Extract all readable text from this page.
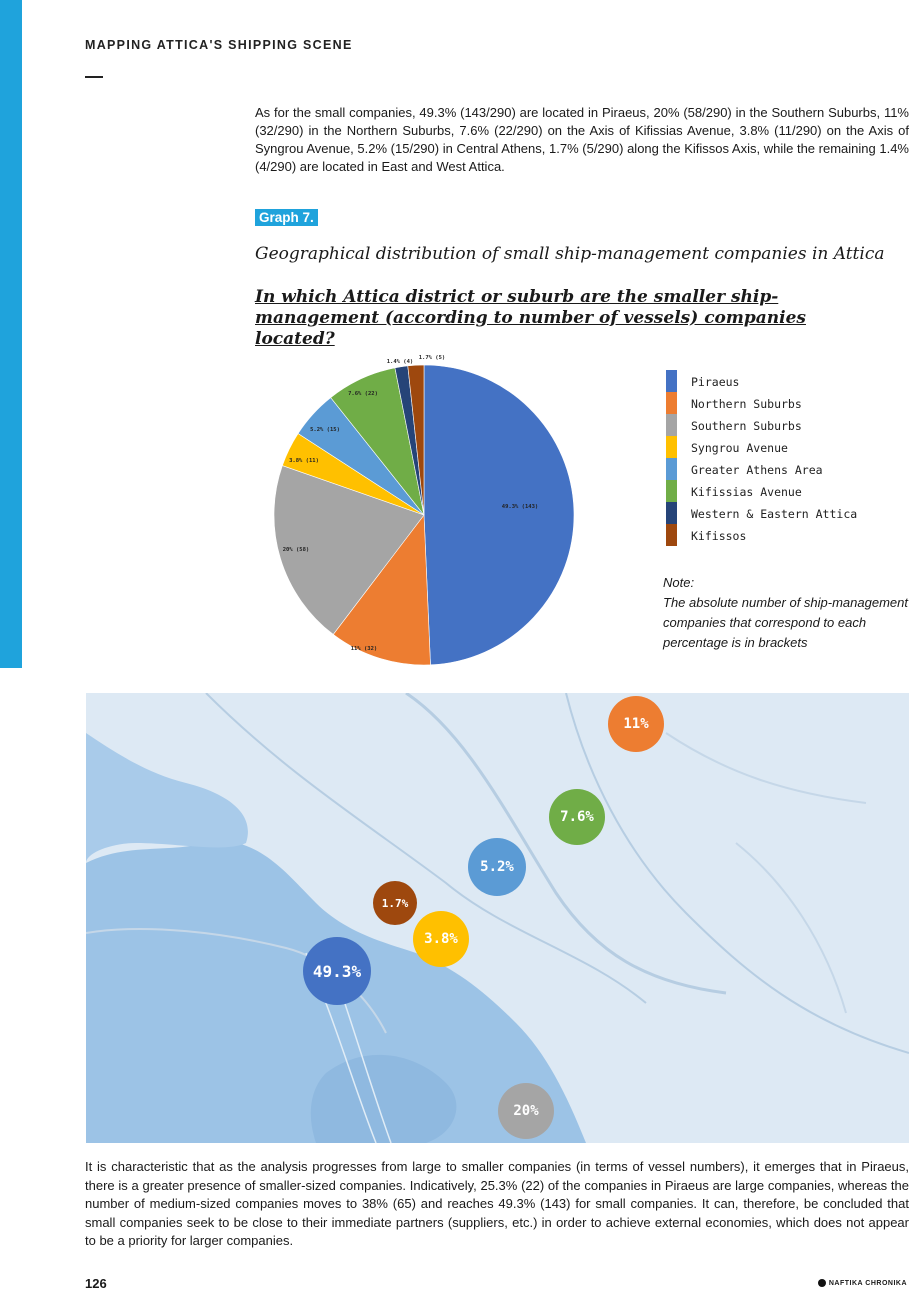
MAPPING ATTICA'S SHIPPING SCENE

As for the small companies, 49.3% (143/290) are located in Piraeus, 20% (58/290) in the Southern Suburbs, 11% (32/290) in the Northern Suburbs, 7.6% (22/290) on the Axis of Kifissias Avenue, 3.8% (11/290) on the Axis of Syngrou Avenue, 5.2% (15/290) in Central Athens, 1.7% (5/290) along the Kifissos Axis, while the remaining 1.4% (4/290) are located in East and West Attica.

Graph 7.
Geographical distribution of small ship-management companies in Attica
In which Attica district or suburb are the smaller ship-management (according to number of vessels) companies located?
49.3% (143)
11% (32)
20% (58)
3.8% (11)
5.2% (15)
7.6% (22)
1.4% (4)
1.7% (5)
Piraeus
Northern Suburbs
Southern Suburbs
Syngrou Avenue
Greater Athens Area
Kifissias Avenue
Western & Eastern Attica
Kifissos
Note:
The absolute number of ship-management companies that correspond to each percentage is in brackets
11%
7.6%
5.2%
1.7%
3.8%
49.3%
20%

It is characteristic that as the analysis progresses from large to smaller companies (in terms of vessel numbers), it emerges that in Piraeus, there is a greater presence of smaller-sized companies. Indicatively, 25.3% (22) of the companies in Piraeus are large companies, whereas the number of medium-sized companies moves to 38% (65) and reaches 49.3% (143) for small companies. It can, therefore, be concluded that small companies seek to be close to their immediate partners (suppliers, etc.) in order to achieve external economies, which does not appear to be a priority for larger companies.

126	NAFTIKA CHRONIKA
